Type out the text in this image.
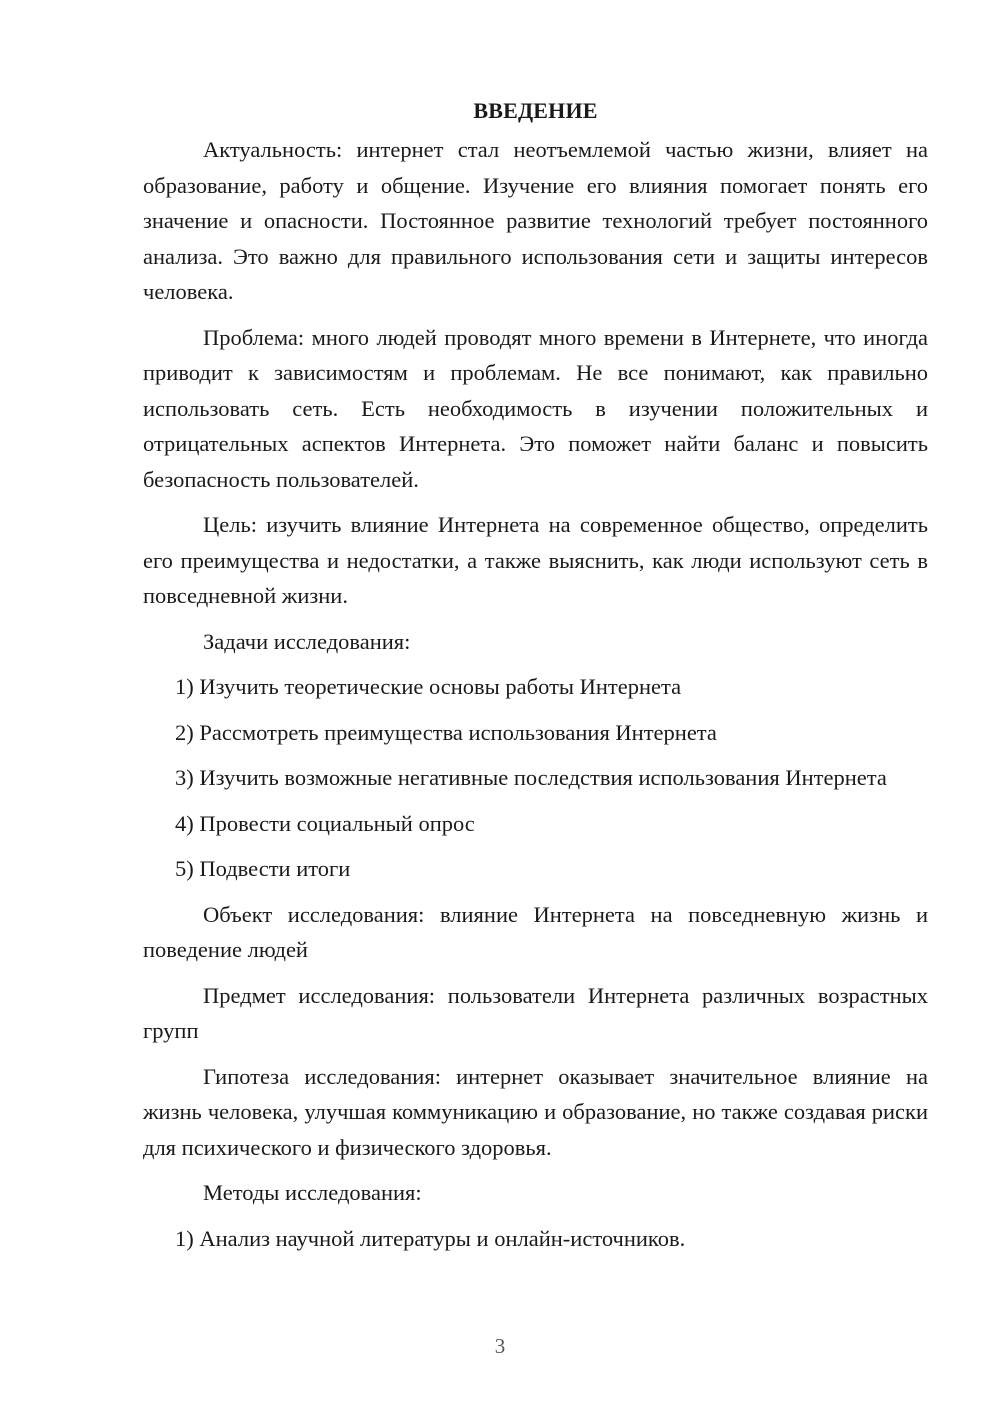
ВВЕДЕНИЕ

Актуальность: интернет стал неотъемлемой частью жизни, влияет на образование, работу и общение. Изучение его влияния помогает понять его значение и опасности. Постоянное развитие технологий требует постоянного анализа. Это важно для правильного использования сети и защиты интересов человека.

Проблема: много людей проводят много времени в Интернете, что иногда приводит к зависимостям и проблемам. Не все понимают, как правильно использовать сеть. Есть необходимость в изучении положительных и отрицательных аспектов Интернета. Это поможет найти баланс и повысить безопасность пользователей.

Цель: изучить влияние Интернета на современное общество, определить его преимущества и недостатки, а также выяснить, как люди используют сеть в повседневной жизни.

Задачи исследования:

1) Изучить теоретические основы работы Интернета

2) Рассмотреть преимущества использования Интернета

3) Изучить возможные негативные последствия использования Интернета

4) Провести социальный опрос

5) Подвести итоги

Объект исследования: влияние Интернета на повседневную жизнь и поведение людей

Предмет исследования: пользователи Интернета различных возрастных групп

Гипотеза исследования: интернет оказывает значительное влияние на жизнь человека, улучшая коммуникацию и образование, но также создавая риски для психического и физического здоровья.

Методы исследования:

1) Анализ научной литературы и онлайн-источников.

3
